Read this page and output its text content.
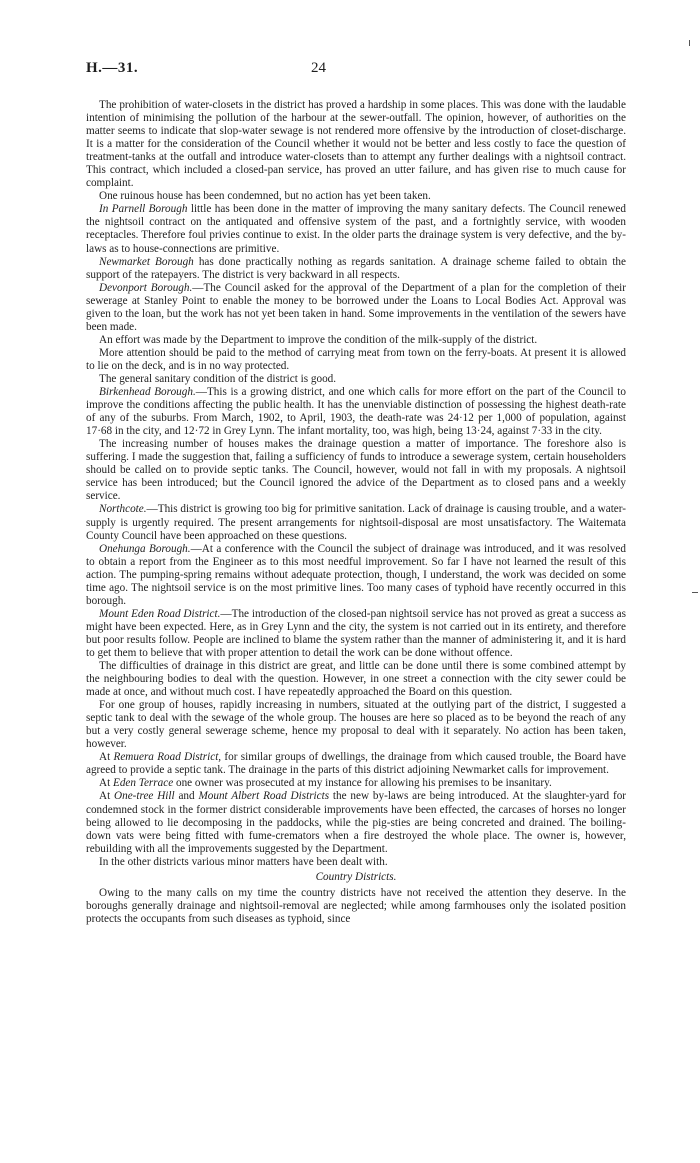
H.—31.	24

The prohibition of water-closets in the district has proved a hardship in some places. This was done with the laudable intention of minimising the pollution of the harbour at the sewer-outfall. The opinion, however, of authorities on the matter seems to indicate that slop-water sewage is not rendered more offensive by the introduction of closet-discharge. It is a matter for the consideration of the Council whether it would not be better and less costly to face the question of treatment-tanks at the outfall and introduce water-closets than to attempt any further dealings with a nightsoil contract. This contract, which included a closed-pan service, has proved an utter failure, and has given rise to much cause for complaint.

One ruinous house has been condemned, but no action has yet been taken.

In Parnell Borough little has been done in the matter of improving the many sanitary defects. The Council renewed the nightsoil contract on the antiquated and offensive system of the past, and a fortnightly service, with wooden receptacles. Therefore foul privies continue to exist. In the older parts the drainage system is very defective, and the by-laws as to house-connections are primitive.

Newmarket Borough has done practically nothing as regards sanitation. A drainage scheme failed to obtain the support of the ratepayers. The district is very backward in all respects.

Devonport Borough.—The Council asked for the approval of the Department of a plan for the completion of their sewerage at Stanley Point to enable the money to be borrowed under the Loans to Local Bodies Act. Approval was given to the loan, but the work has not yet been taken in hand. Some improvements in the ventilation of the sewers have been made.

An effort was made by the Department to improve the condition of the milk-supply of the district.

More attention should be paid to the method of carrying meat from town on the ferry-boats. At present it is allowed to lie on the deck, and is in no way protected.

The general sanitary condition of the district is good.

Birkenhead Borough.—This is a growing district, and one which calls for more effort on the part of the Council to improve the conditions affecting the public health. It has the unenviable distinction of possessing the highest death-rate of any of the suburbs. From March, 1902, to April, 1903, the death-rate was 24·12 per 1,000 of population, against 17·68 in the city, and 12·72 in Grey Lynn. The infant mortality, too, was high, being 13·24, against 7·33 in the city.

The increasing number of houses makes the drainage question a matter of importance. The foreshore also is suffering. I made the suggestion that, failing a sufficiency of funds to introduce a sewerage system, certain householders should be called on to provide septic tanks. The Council, however, would not fall in with my proposals. A nightsoil service has been introduced; but the Council ignored the advice of the Department as to closed pans and a weekly service.

Northcote.—This district is growing too big for primitive sanitation. Lack of drainage is causing trouble, and a water-supply is urgently required. The present arrangements for nightsoil-disposal are most unsatisfactory. The Waitemata County Council have been approached on these questions.

Onehunga Borough.—At a conference with the Council the subject of drainage was introduced, and it was resolved to obtain a report from the Engineer as to this most needful improvement. So far I have not learned the result of this action. The pumping-spring remains without adequate protection, though, I understand, the work was decided on some time ago. The nightsoil service is on the most primitive lines. Too many cases of typhoid have recently occurred in this borough.

Mount Eden Road District.—The introduction of the closed-pan nightsoil service has not proved as great a success as might have been expected. Here, as in Grey Lynn and the city, the system is not carried out in its entirety, and therefore but poor results follow. People are inclined to blame the system rather than the manner of administering it, and it is hard to get them to believe that with proper attention to detail the work can be done without offence.

The difficulties of drainage in this district are great, and little can be done until there is some combined attempt by the neighbouring bodies to deal with the question. However, in one street a connection with the city sewer could be made at once, and without much cost. I have repeatedly approached the Board on this question.

For one group of houses, rapidly increasing in numbers, situated at the outlying part of the district, I suggested a septic tank to deal with the sewage of the whole group. The houses are here so placed as to be beyond the reach of any but a very costly general sewerage scheme, hence my proposal to deal with it separately. No action has been taken, however.

At Remuera Road District, for similar groups of dwellings, the drainage from which caused trouble, the Board have agreed to provide a septic tank. The drainage in the parts of this district adjoining Newmarket calls for improvement.

At Eden Terrace one owner was prosecuted at my instance for allowing his premises to be insanitary.

At One-tree Hill and Mount Albert Road Districts the new by-laws are being introduced. At the slaughter-yard for condemned stock in the former district considerable improvements have been effected, the carcases of horses no longer being allowed to lie decomposing in the paddocks, while the pig-sties are being concreted and drained. The boiling-down vats were being fitted with fume-cremators when a fire destroyed the whole place. The owner is, however, rebuilding with all the improvements suggested by the Department.

In the other districts various minor matters have been dealt with.

Country Districts.

Owing to the many calls on my time the country districts have not received the attention they deserve. In the boroughs generally drainage and nightsoil-removal are neglected; while among farmhouses only the isolated position protects the occupants from such diseases as typhoid, since
